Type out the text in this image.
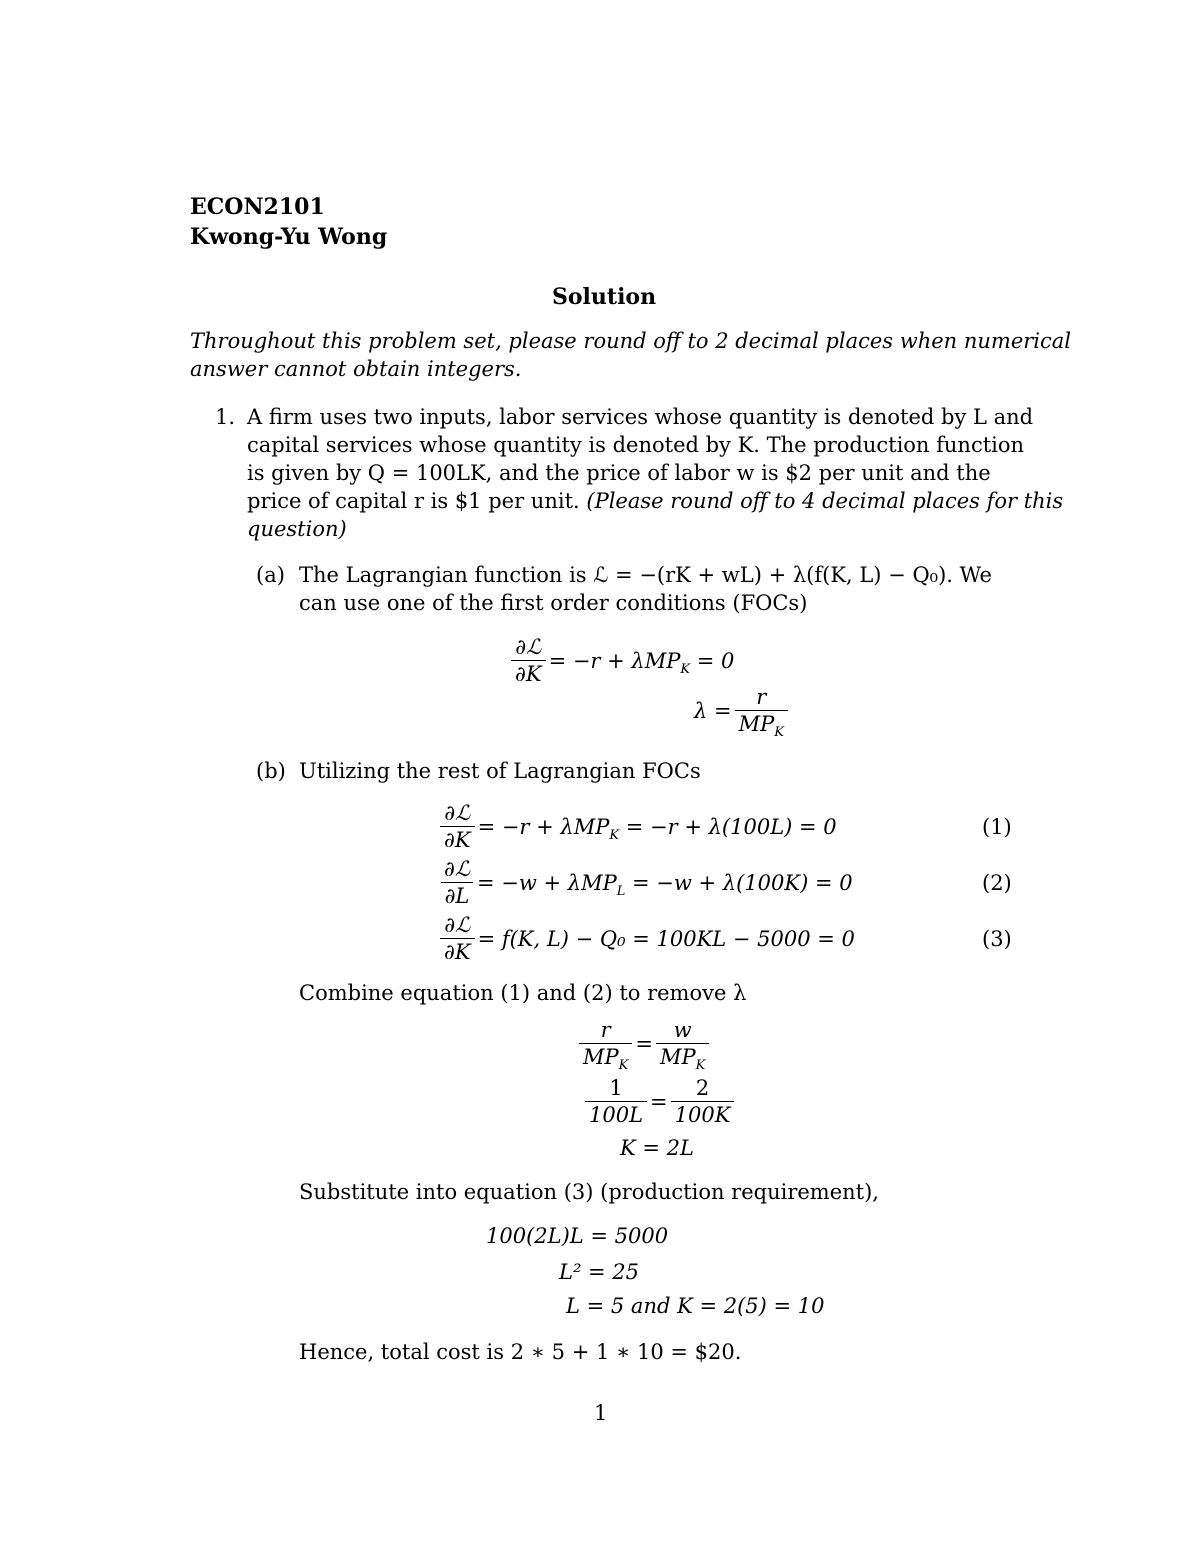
ECON2101
Kwong-Yu Wong
Solution
Throughout this problem set, please round off to 2 decimal places when numerical
answer cannot obtain integers.
1. A firm uses two inputs, labor services whose quantity is denoted by L and
capital services whose quantity is denoted by K. The production function
is given by Q = 100LK, and the price of labor w is $2 per unit and the
price of capital r is $1 per unit. (Please round off to 4 decimal places for this
question)
(a) The Lagrangian function is ℒ = −(rK + wL) + λ(f(K, L) − Q₀). We
can use one of the first order conditions (FOCs)
$\frac{\text{∂ℒ}}{\partial K} = -r + \lambda MP_K = 0$
$\lambda = \frac{r}{MP_K}$
(b) Utilizing the rest of Lagrangian FOCs
$\frac{\text{∂ℒ}}{\partial K} = -r + \lambda MP_K = -r + \lambda(100L) = 0$	(1)
$\frac{\text{∂ℒ}}{\partial L} = -w + \lambda MP_L = -w + \lambda(100K) = 0$	(2)
$\frac{\text{∂ℒ}}{\partial K} = f(K$, L) − Q₀ = 100KL − 5000 = 0	(3)
Combine equation (1) and (2) to remove λ
$\frac{r}{MP_K} = \frac{w}{MP_K}$
$\frac{1}{100L} = \frac{2}{100K}$
K = 2L
Substitute into equation (3) (production requirement),
100(2L)L = 5000
L² = 25
L = 5 and K = 2(5) = 10
Hence, total cost is 2 ∗ 5 + 1 ∗ 10 = $20.
1
